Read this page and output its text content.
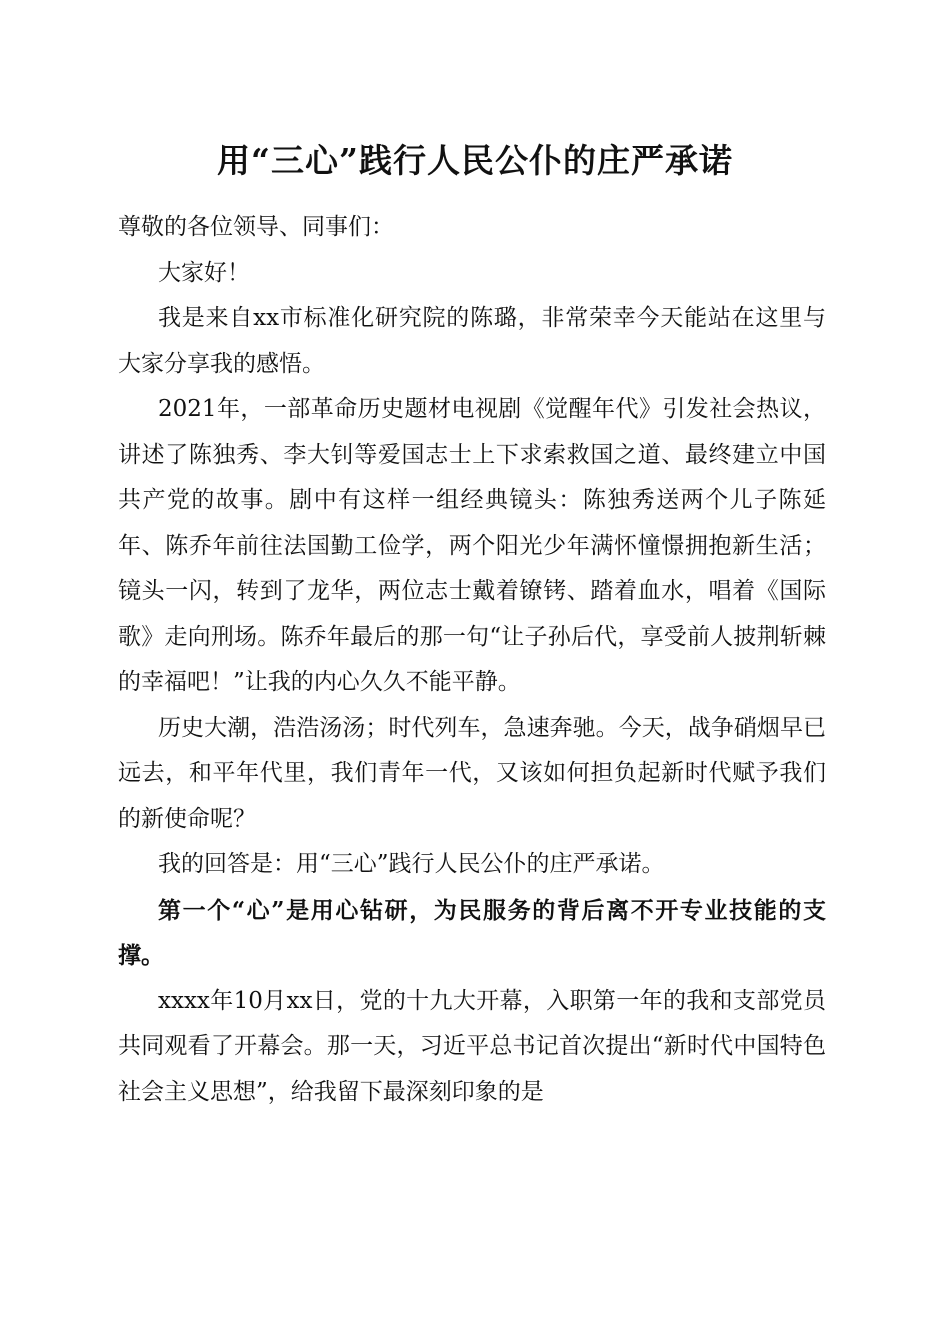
用“三心”践行人民公仆的庄严承诺

尊敬的各位领导、同事们：

大家好！

我是来自xx市标准化研究院的陈璐，非常荣幸今天能站在这里与大家分享我的感悟。

2021年，一部革命历史题材电视剧《觉醒年代》引发社会热议，讲述了陈独秀、李大钊等爱国志士上下求索救国之道、最终建立中国共产党的故事。剧中有这样一组经典镜头：陈独秀送两个儿子陈延年、陈乔年前往法国勤工俭学，两个阳光少年满怀憧憬拥抱新生活；镜头一闪，转到了龙华，两位志士戴着镣铐、踏着血水，唱着《国际歌》走向刑场。陈乔年最后的那一句“让子孙后代，享受前人披荆斩棘的幸福吧！”让我的内心久久不能平静。

历史大潮，浩浩汤汤；时代列车，急速奔驰。今天，战争硝烟早已远去，和平年代里，我们青年一代，又该如何担负起新时代赋予我们的新使命呢？

我的回答是：用“三心”践行人民公仆的庄严承诺。

第一个“心”是用心钻研，为民服务的背后离不开专业技能的支撑。

xxxx年10月xx日，党的十九大开幕，入职第一年的我和支部党员共同观看了开幕会。那一天，习近平总书记首次提出“新时代中国特色社会主义思想”，给我留下最深刻印象的是
